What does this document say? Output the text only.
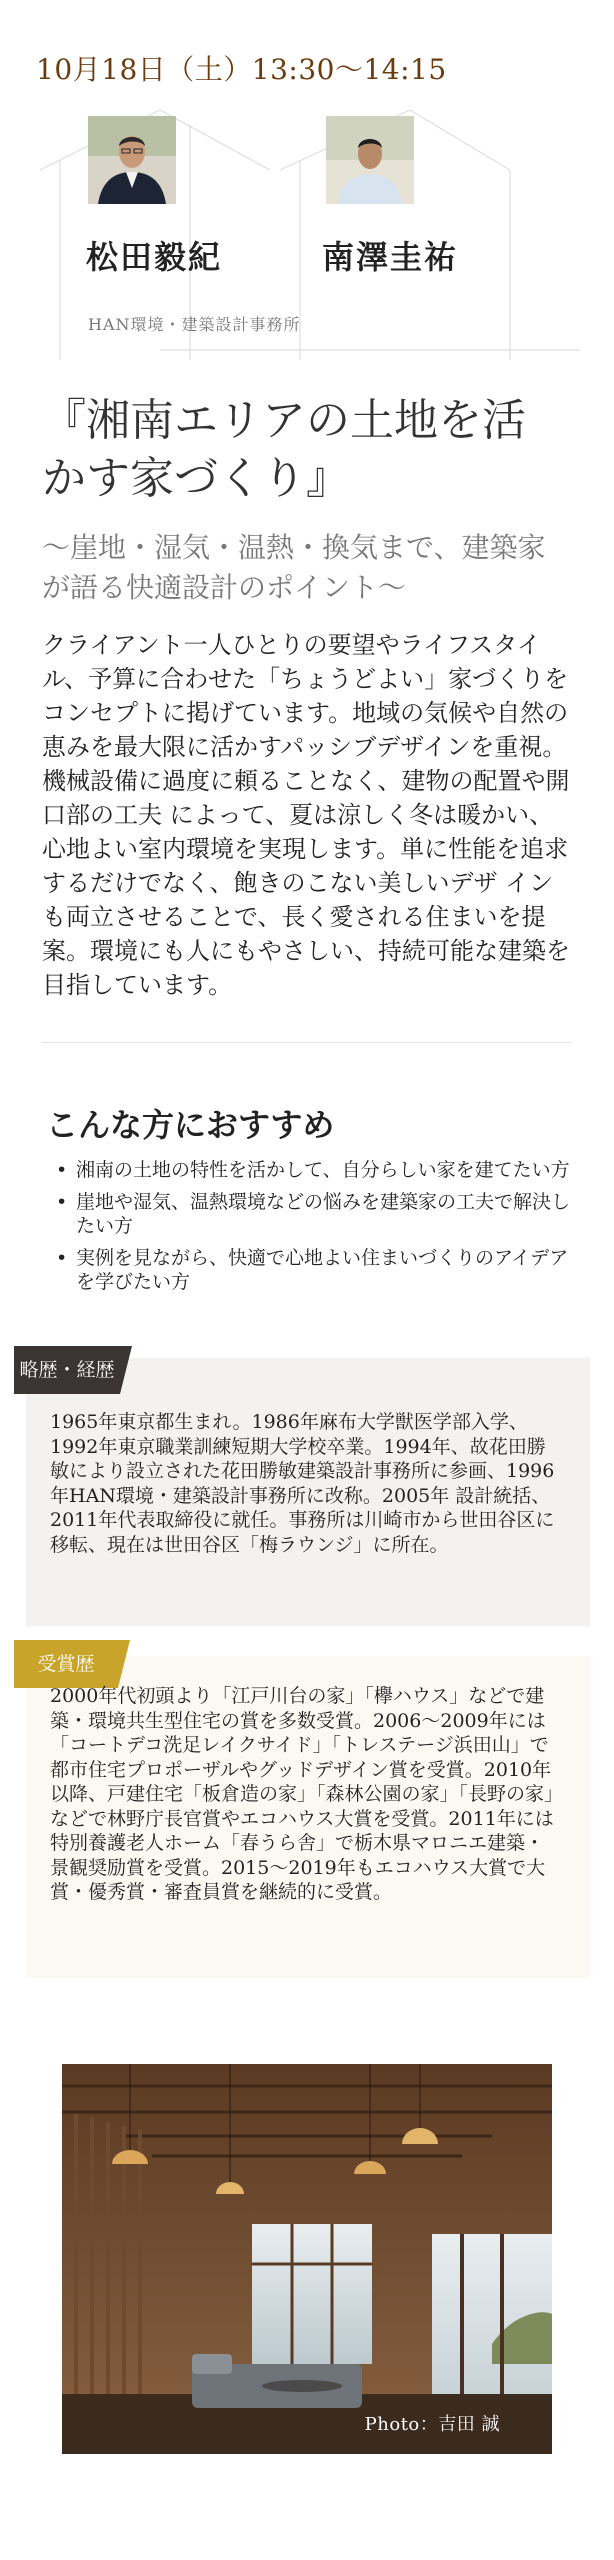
10月18日（土）13:30〜14:15
松田毅紀	南澤圭祐
HAN環境・建築設計事務所
『湘南エリアの土地を活かす家づくり』
〜崖地・湿気・温熱・換気まで、建築家が語る快適設計のポイント〜

クライアント一人ひとりの要望やライフスタイル、予算に合わせた「ちょうどよい」家づくりをコンセプトに掲げています。地域の気候や自然の恵みを最大限に活かすパッシブデザインを重視。機械設備に過度に頼ることなく、建物の配置や開口部の工夫 によって、夏は涼しく冬は暖かい、心地よい室内環境を実現します。単に性能を追求するだけでなく、飽きのこない美しいデザ インも両立させることで、長く愛される住まいを提案。環境にも人にもやさしい、持続可能な建築を目指しています。

こんな方におすすめ
• 湘南の土地の特性を活かして、自分らしい家を建てたい方
• 崖地や湿気、温熱環境などの悩みを建築家の工夫で解決したい方
• 実例を見ながら、快適で心地よい住まいづくりのアイデアを学びたい方
略歴・経歴

1965年東京都生まれ。1986年麻布大学獣医学部入学、1992年東京職業訓練短期大学校卒業。1994年、故花田勝敏により設立された花田勝敏建築設計事務所に参画、1996年HAN環境・建築設計事務所に改称。2005年 設計統括、2011年代表取締役に就任。事務所は川崎市から世田谷区に移転、現在は世田谷区「梅ラウンジ」に所在。

受賞歴

2000年代初頭より「江戸川台の家」「欅ハウス」などで建築・環境共生型住宅の賞を多数受賞。2006〜2009年には「コートデコ洗足レイクサイド」「トレステージ浜田山」で都市住宅プロポーザルやグッドデザイン賞を受賞。2010年以降、戸建住宅「板倉造の家」「森林公園の家」「長野の家」などで林野庁長官賞やエコハウス大賞を受賞。2011年には特別養護老人ホーム「春うら舎」で栃木県マロニエ建築・景観奨励賞を受賞。2015〜2019年もエコハウス大賞で大賞・優秀賞・審査員賞を継続的に受賞。

Photo：吉田 誠
